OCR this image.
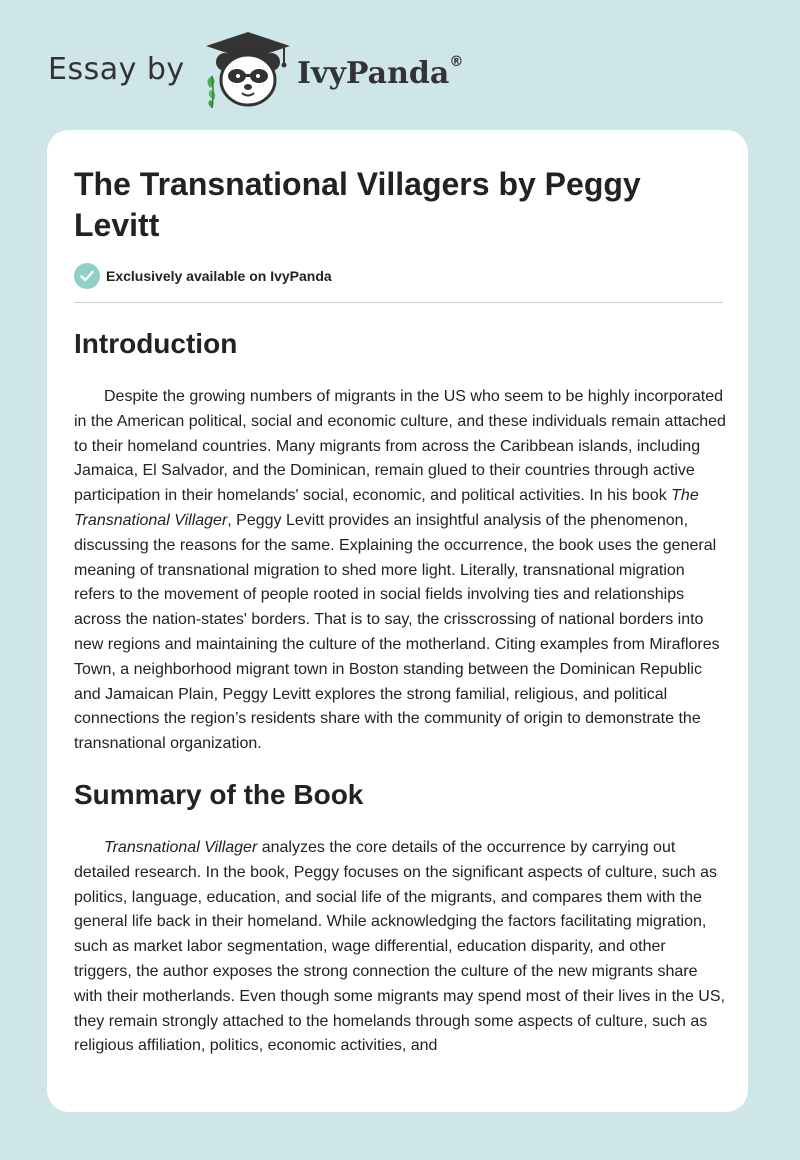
Essay by	IvyPanda®
The Transnational Villagers by Peggy Levitt
Exclusively available on IvyPanda
Introduction

Despite the growing numbers of migrants in the US who seem to be highly incorporated in the American political, social and economic culture, and these individuals remain attached to their homeland countries. Many migrants from across the Caribbean islands, including Jamaica, El Salvador, and the Dominican, remain glued to their countries through active participation in their homelands' social, economic, and political activities. In his book The Transnational Villager, Peggy Levitt provides an insightful analysis of the phenomenon, discussing the reasons for the same. Explaining the occurrence, the book uses the general meaning of transnational migration to shed more light. Literally, transnational migration refers to the movement of people rooted in social fields involving ties and relationships across the nation-states' borders. That is to say, the crisscrossing of national borders into new regions and maintaining the culture of the motherland. Citing examples from Miraflores Town, a neighborhood migrant town in Boston standing between the Dominican Republic and Jamaican Plain, Peggy Levitt explores the strong familial, religious, and political connections the region’s residents share with the community of origin to demonstrate the transnational organization.

Summary of the Book

Transnational Villager analyzes the core details of the occurrence by carrying out detailed research. In the book, Peggy focuses on the significant aspects of culture, such as politics, language, education, and social life of the migrants, and compares them with the general life back in their homeland. While acknowledging the factors facilitating migration, such as market labor segmentation, wage differential, education disparity, and other triggers, the author exposes the strong connection the culture of the new migrants share with their motherlands. Even though some migrants may spend most of their lives in the US, they remain strongly attached to the homelands through some aspects of culture, such as religious affiliation, politics, economic activities, and
